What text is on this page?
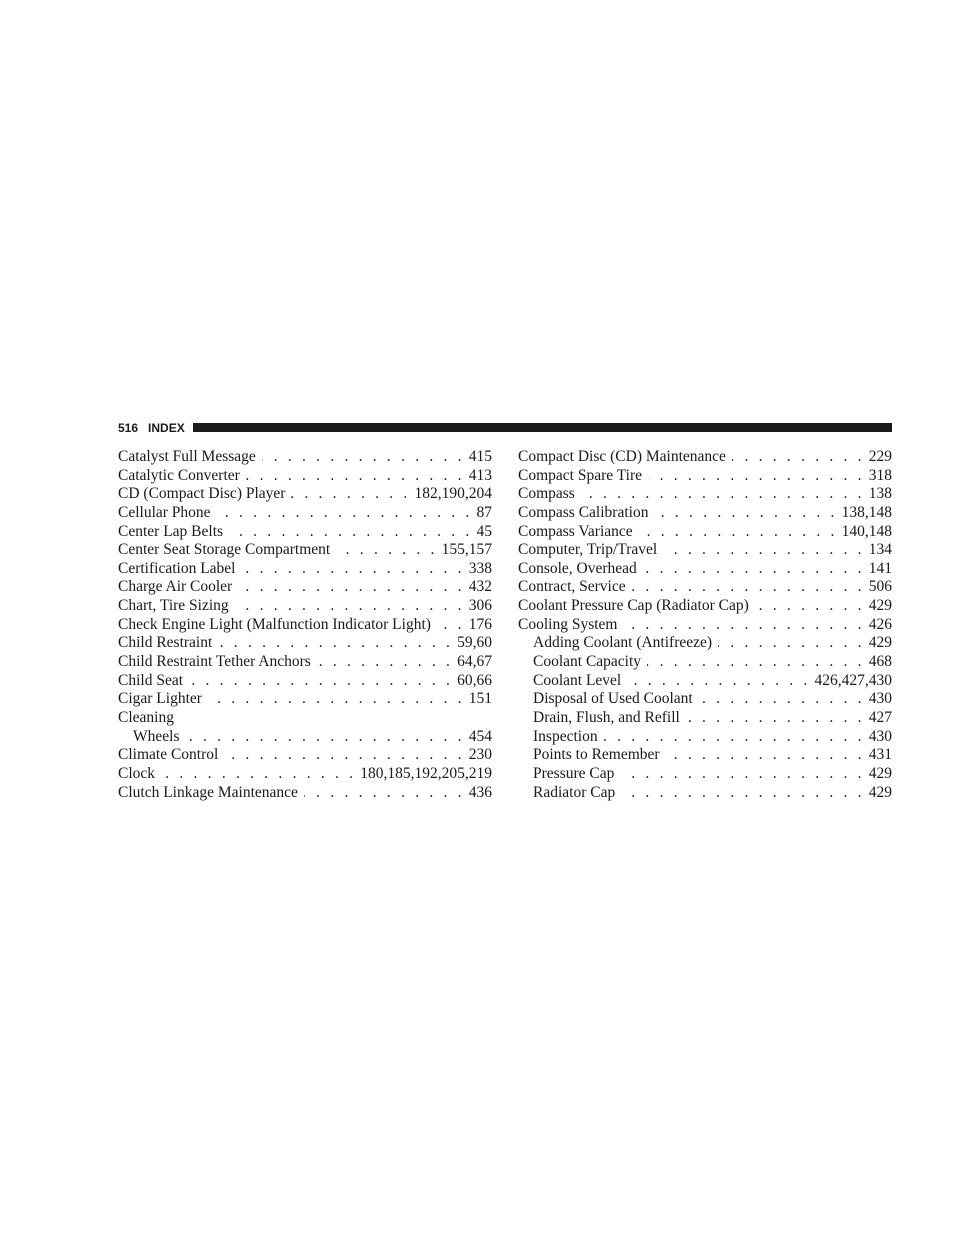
516 INDEX
Catalyst Full Message . . .	415
Catalytic Converter . . .	413
CD (Compact Disc) Player . . .	182,190,204
Cellular Phone . . .	87
Center Lap Belts . . .	45
Center Seat Storage Compartment . . .	155,157
Certification Label . . .	338
Charge Air Cooler . . .	432
Chart, Tire Sizing . . .	306
Check Engine Light (Malfunction Indicator Light) . . . 176
Child Restraint . . .	59,60
Child Restraint Tether Anchors . . .	64,67
Child Seat . . .	60,66
Cigar Lighter . . .	151
Cleaning
Wheels . . .	454
Climate Control . . .	230
Clock . . .	180,185,192,205,219
Clutch Linkage Maintenance . . .	436
Compact Disc (CD) Maintenance . . .	229
Compact Spare Tire . . .	318
Compass . . .	138
Compass Calibration . . .	138,148
Compass Variance . . .	140,148
Computer, Trip/Travel . . .	134
Console, Overhead . . .	141
Contract, Service . . .	506
Coolant Pressure Cap (Radiator Cap) . . .	429
Cooling System . . .	426
Adding Coolant (Antifreeze) . . .	429
Coolant Capacity . . .	468
Coolant Level . . .	426,427,430
Disposal of Used Coolant . . .	430
Drain, Flush, and Refill . . .	427
Inspection . . .	430
Points to Remember . . .	431
Pressure Cap . . .	429
Radiator Cap . . .	429
